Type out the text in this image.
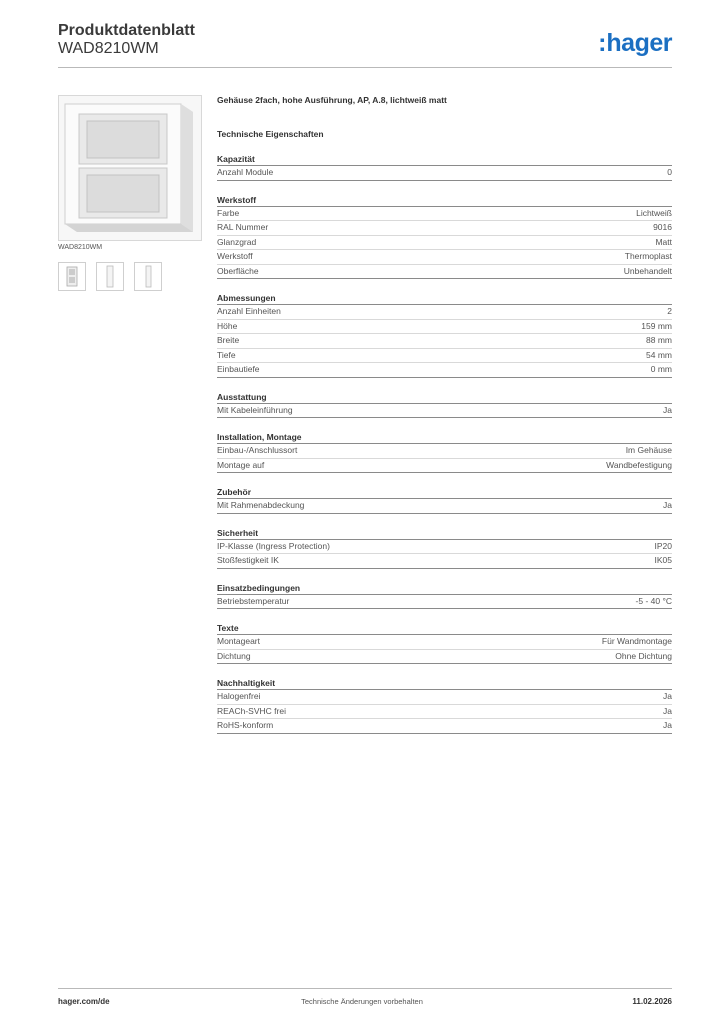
Produktdatenblatt
WAD8210WM	:hager
WAD8210WM
Gehäuse 2fach, hohe Ausführung, AP, A.8, lichtweiß matt
Technische Eigenschaften
Kapazität
Anzahl Module	0
Werkstoff
Farbe	Lichtweiß
RAL Nummer	9016
Glanzgrad	Matt
Werkstoff	Thermoplast
Oberfläche	Unbehandelt
Abmessungen
Anzahl Einheiten	2
Höhe	159 mm
Breite	88 mm
Tiefe	54 mm
Einbautiefe	0 mm
Ausstattung
Mit Kabeleinführung	Ja
Installation, Montage
Einbau-/Anschlussort	Im Gehäuse
Montage auf	Wandbefestigung
Zubehör
Mit Rahmenabdeckung	Ja
Sicherheit
IP-Klasse (Ingress Protection)	IP20
Stoßfestigkeit IK	IK05
Einsatzbedingungen
Betriebstemperatur	-5 - 40 °C
Texte
Montageart	Für Wandmontage
Dichtung	Ohne Dichtung
Nachhaltigkeit
Halogenfrei	Ja
REACh-SVHC frei	Ja
RoHS-konform	Ja
hager.com/de	Technische Änderungen vorbehalten	11.02.2026
